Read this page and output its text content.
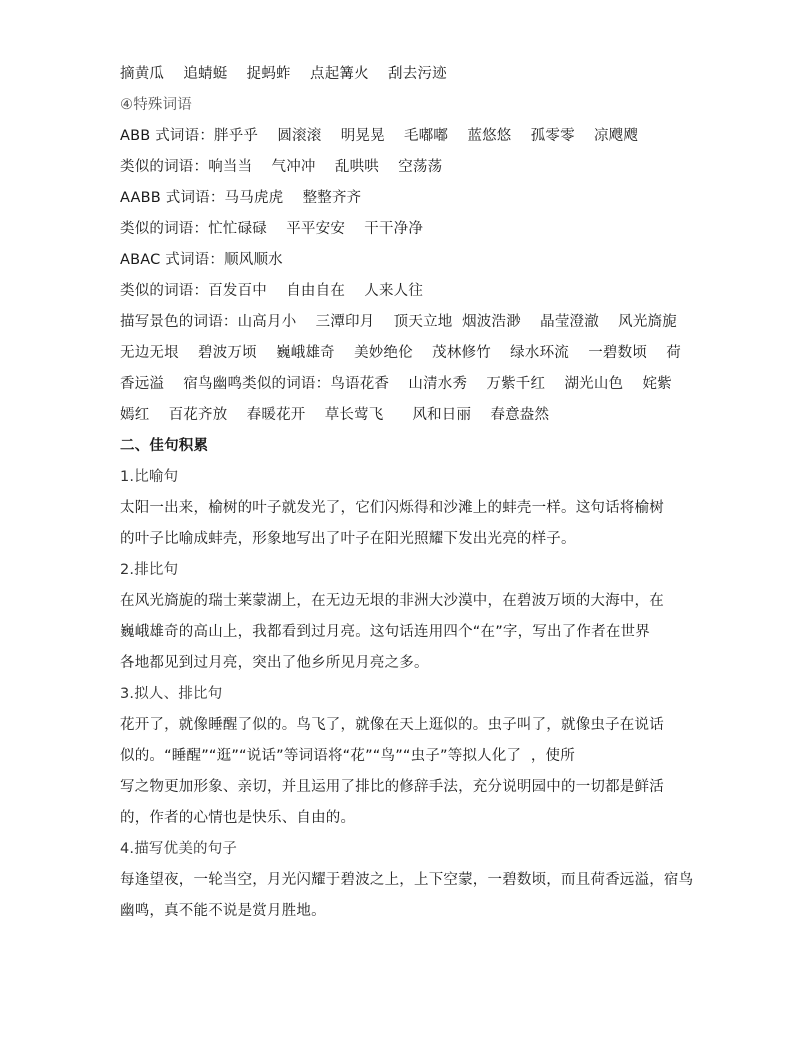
摘黄瓜    追蜻蜓    捉蚂蚱    点起篝火    刮去污迹
④特殊词语
ABB 式词语：胖乎乎    圆滚滚    明晃晃    毛嘟嘟    蓝悠悠    孤零零    凉飕飕
类似的词语：响当当    气冲冲    乱哄哄    空荡荡
AABB 式词语：马马虎虎    整整齐齐
类似的词语：忙忙碌碌    平平安安    干干净净
ABAC 式词语：顺风顺水
类似的词语：百发百中    自由自在    人来人往
描写景色的词语：山高月小    三潭印月    顶天立地  烟波浩渺    晶莹澄澈    风光旖旎
无边无垠    碧波万顷    巍峨雄奇    美妙绝伦    茂林修竹    绿水环流    一碧数顷    荷
香远溢    宿鸟幽鸣类似的词语：鸟语花香    山清水秀    万紫千红    湖光山色    姹紫
嫣红    百花齐放    春暖花开    草长莺飞      风和日丽    春意盎然
二、佳句积累
1.比喻句
太阳一出来，榆树的叶子就发光了，它们闪烁得和沙滩上的蚌壳一样。这句话将榆树
的叶子比喻成蚌壳，形象地写出了叶子在阳光照耀下发出光亮的样子。
2.排比句
在风光旖旎的瑞士莱蒙湖上，在无边无垠的非洲大沙漠中，在碧波万顷的大海中，在
巍峨雄奇的高山上，我都看到过月亮。这句话连用四个“在”字，写出了作者在世界
各地都见到过月亮，突出了他乡所见月亮之多。
3.拟人、排比句
花开了，就像睡醒了似的。鸟飞了，就像在天上逛似的。虫子叫了，就像虫子在说话
似的。“睡醒”“逛”“说话”等词语将“花”“鸟”“虫子”等拟人化了  ，使所
写之物更加形象、亲切，并且运用了排比的修辞手法，充分说明园中的一切都是鲜活
的，作者的心情也是快乐、自由的。
4.描写优美的句子
每逢望夜，一轮当空，月光闪耀于碧波之上，上下空蒙，一碧数顷，而且荷香远溢，宿鸟
幽鸣，真不能不说是赏月胜地。
